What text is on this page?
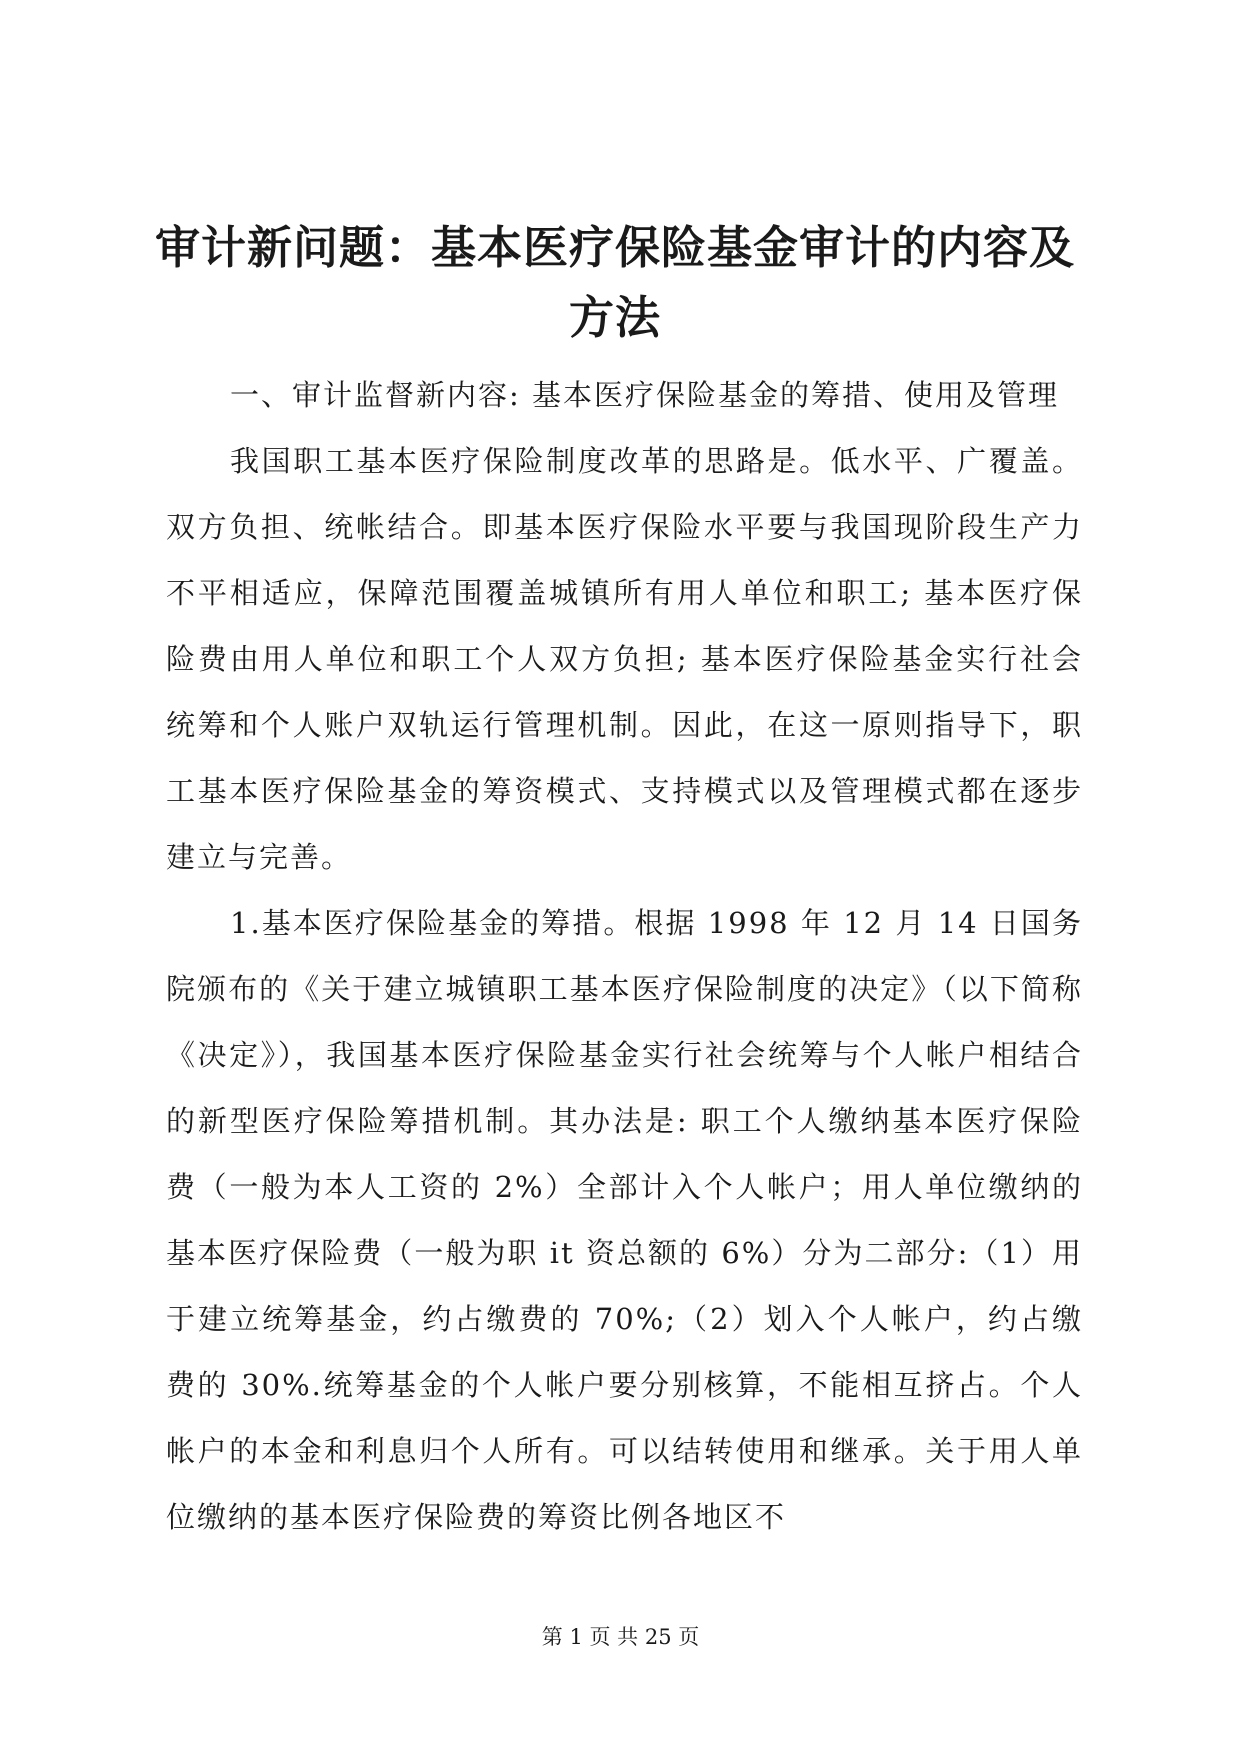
审计新问题：基本医疗保险基金审计的内容及方法

一、审计监督新内容: 基本医疗保险基金的筹措、使用及管理

我国职工基本医疗保险制度改革的思路是。低水平、广覆盖。双方负担、统帐结合。即基本医疗保险水平要与我国现阶段生产力不平相适应，保障范围覆盖城镇所有用人单位和职工; 基本医疗保险费由用人单位和职工个人双方负担; 基本医疗保险基金实行社会统筹和个人账户双轨运行管理机制。因此，在这一原则指导下，职工基本医疗保险基金的筹资模式、支持模式以及管理模式都在逐步建立与完善。

1.基本医疗保险基金的筹措。根据 1998 年 12 月 14 日国务院颁布的《关于建立城镇职工基本医疗保险制度的决定》（以下简称《决定》），我国基本医疗保险基金实行社会统筹与个人帐户相结合的新型医疗保险筹措机制。其办法是: 职工个人缴纳基本医疗保险费（一般为本人工资的 2%）全部计入个人帐户；用人单位缴纳的基本医疗保险费（一般为职 it 资总额的 6%）分为二部分:（1）用于建立统筹基金，约占缴费的 70%;（2）划入个人帐户，约占缴费的 30%.统筹基金的个人帐户要分别核算，不能相互挤占。个人帐户的本金和利息归个人所有。可以结转使用和继承。关于用人单位缴纳的基本医疗保险费的筹资比例各地区不

第 1 页 共 25 页
